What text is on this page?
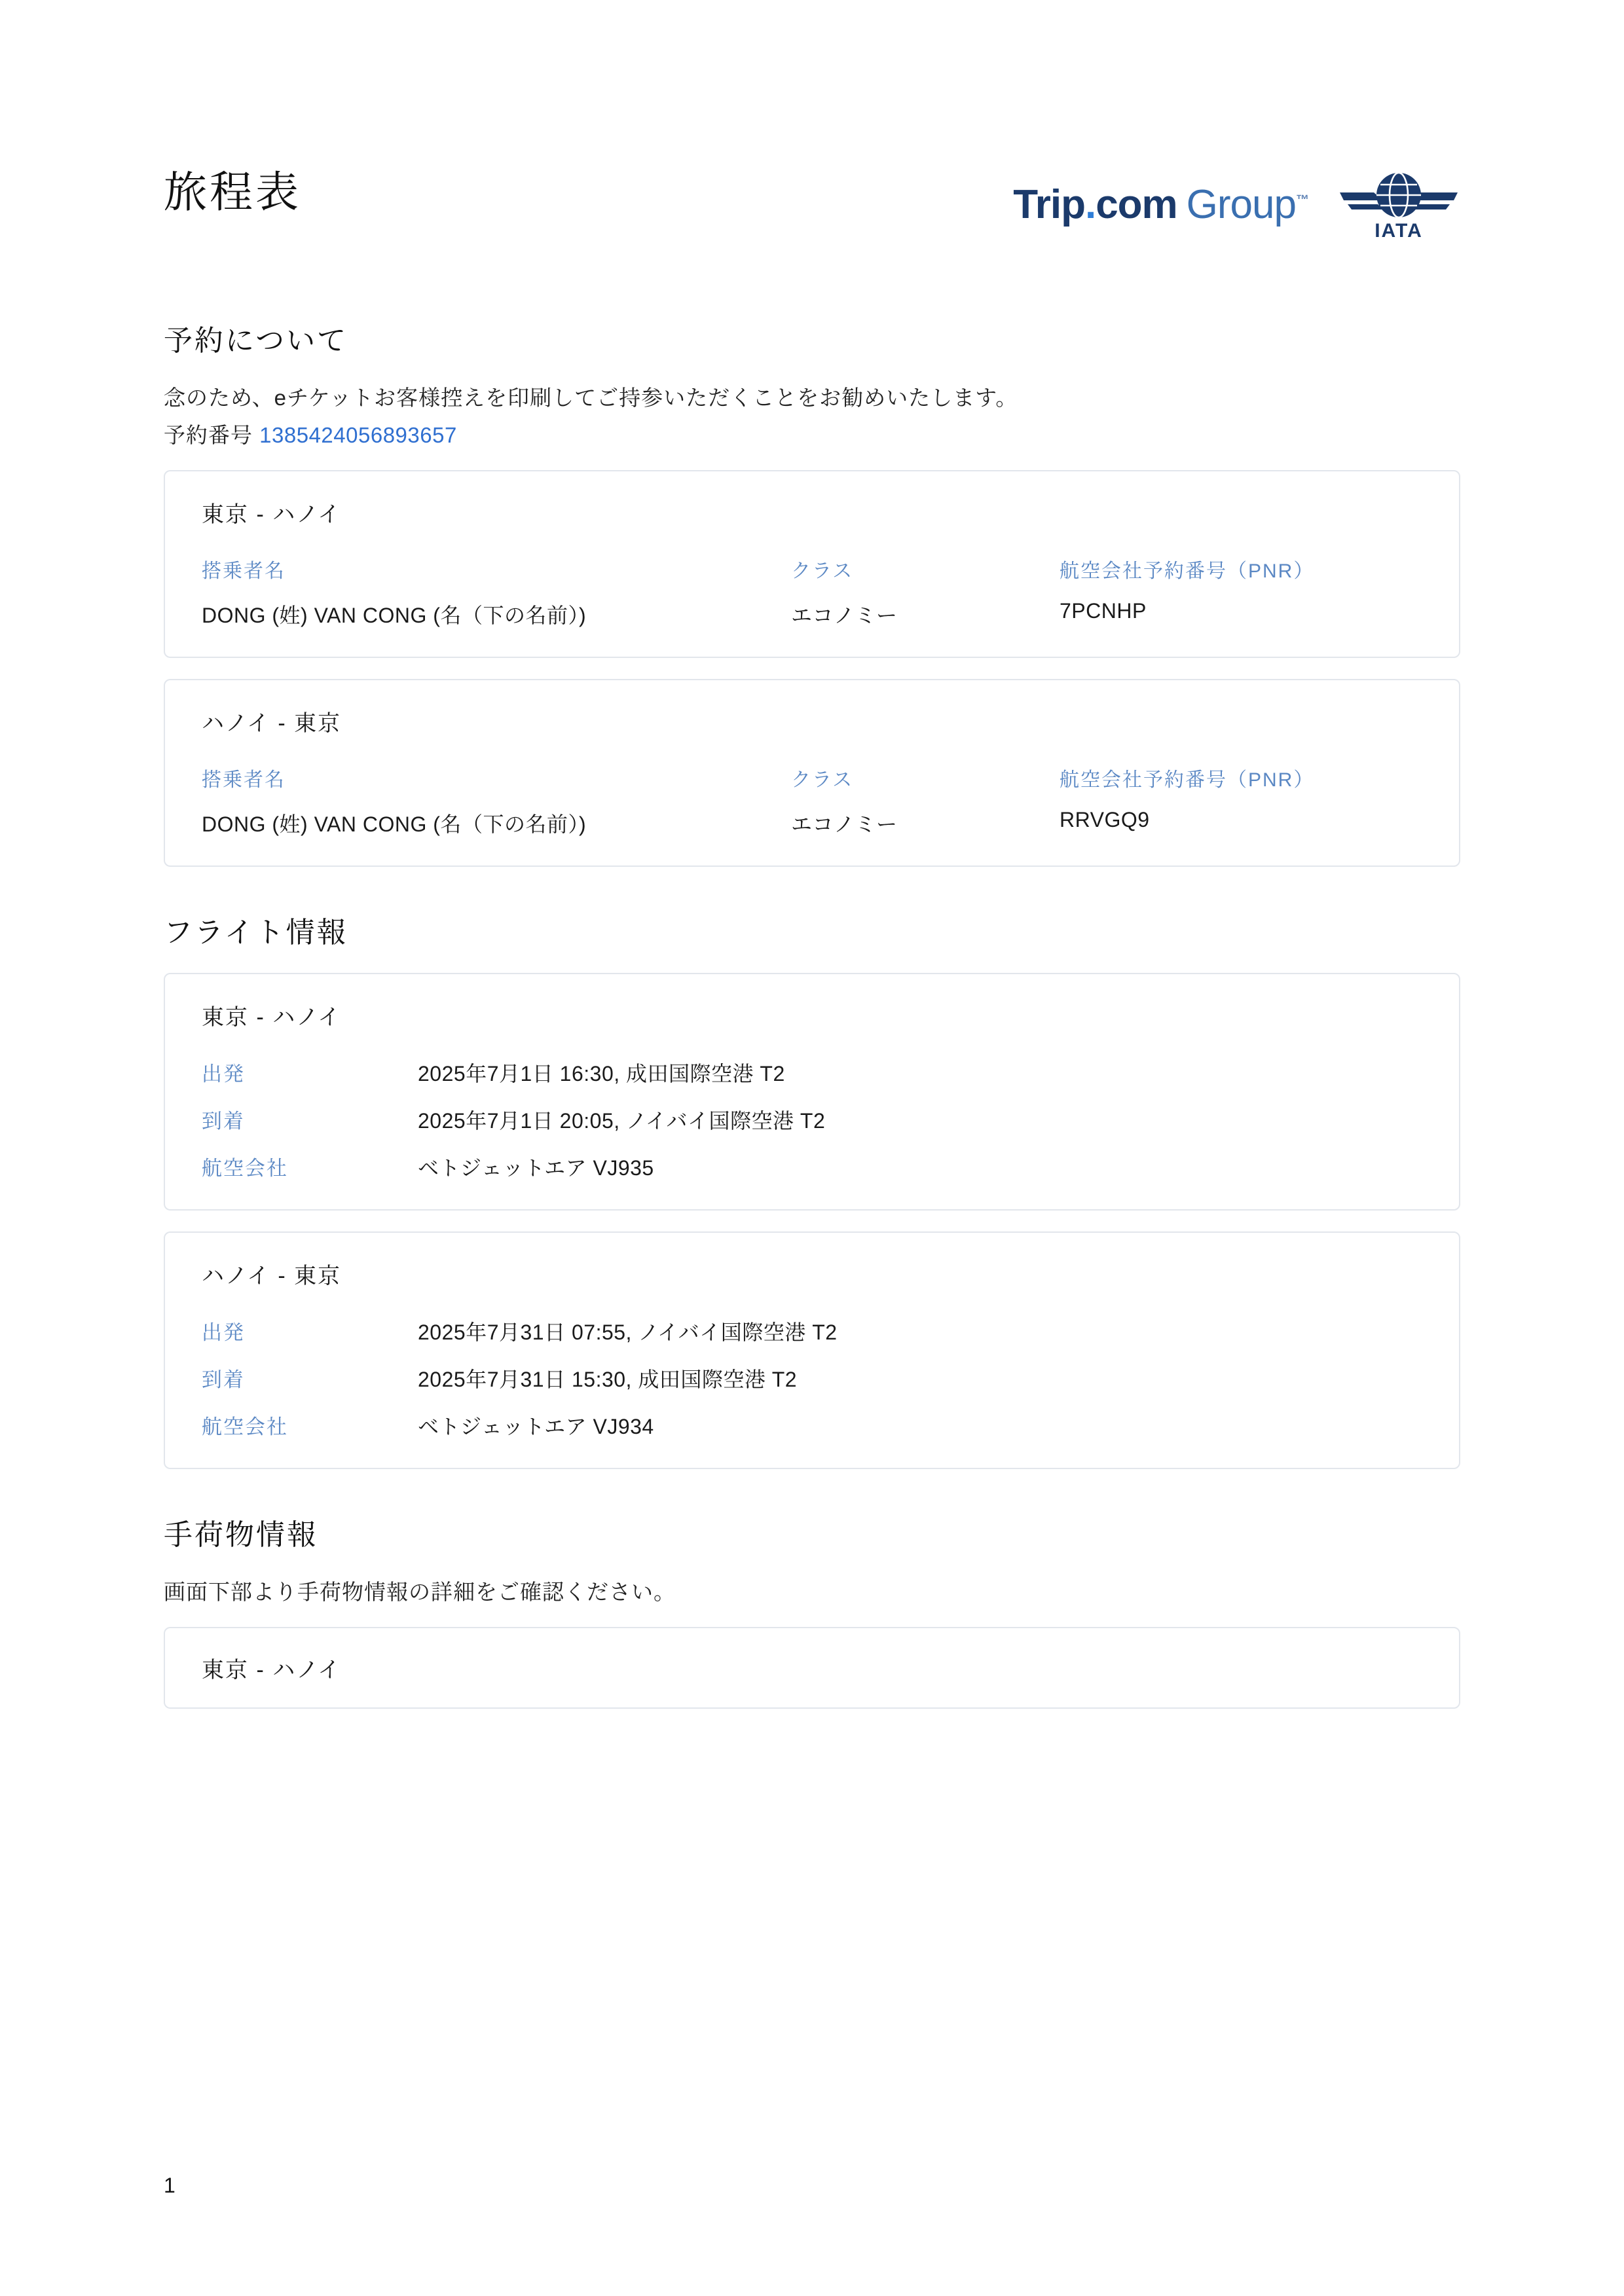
旅程表	Trip.com Group™
IATA
予約について

念のため、eチケットお客様控えを印刷してご持参いただくことをお勧めいたします。

予約番号 1385424056893657

東京 - ハノイ
搭乗者名	クラス	航空会社予約番号（PNR）
DONG (姓) VAN CONG (名（下の名前）)	エコノミー	7PCNHP
ハノイ - 東京
搭乗者名	クラス	航空会社予約番号（PNR）
DONG (姓) VAN CONG (名（下の名前）)	エコノミー	RRVGQ9
フライト情報
東京 - ハノイ
出発	2025年7月1日 16:30, 成田国際空港 T2
到着	2025年7月1日 20:05, ノイバイ国際空港 T2
航空会社	ベトジェットエア VJ935
ハノイ - 東京
出発	2025年7月31日 07:55, ノイバイ国際空港 T2
到着	2025年7月31日 15:30, 成田国際空港 T2
航空会社	ベトジェットエア VJ934
手荷物情報

画面下部より手荷物情報の詳細をご確認ください。

東京 - ハノイ
1
